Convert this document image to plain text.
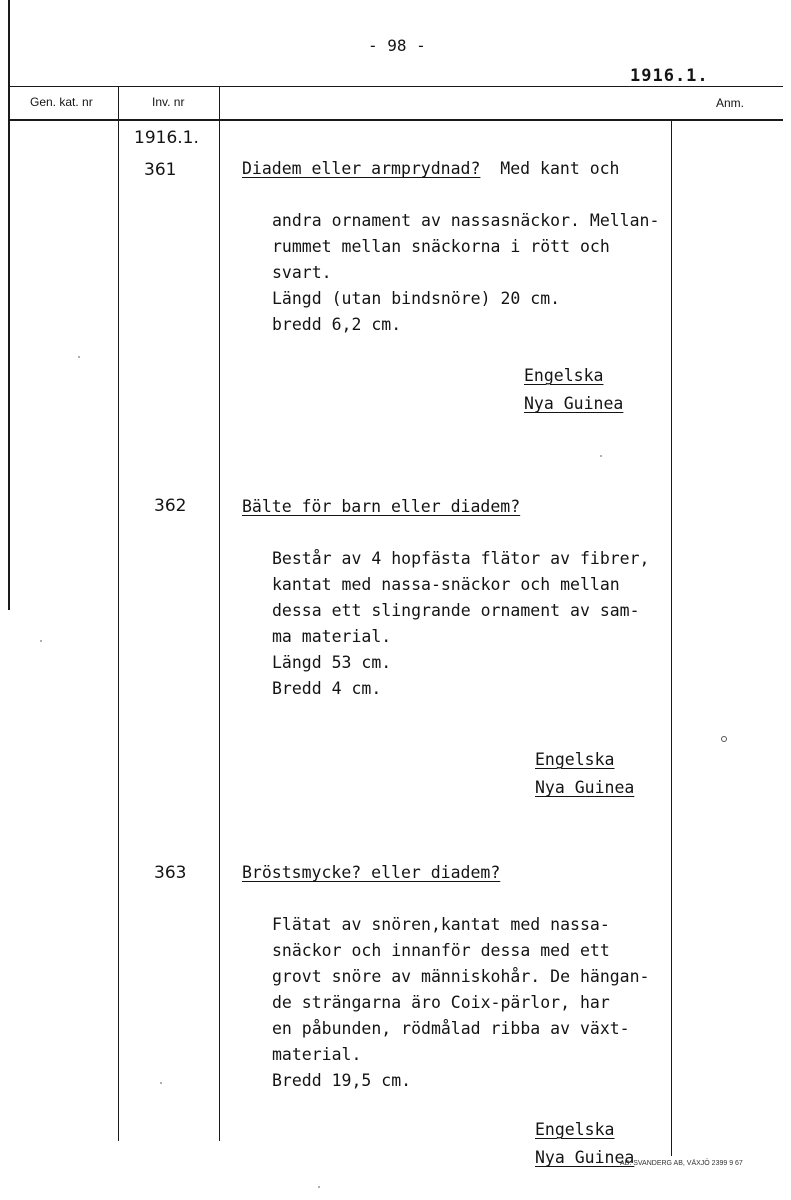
- 98 -
1916.1.
Gen. kat. nr	Inv. nr	Anm.
1916.1.
361	Diadem eller armprydnad?  Med kant och

andra ornament av nassasnäckor. Mellan-
rummet mellan snäckorna i rött och
svart.
Längd (utan bindsnöre) 20 cm.
bredd 6,2 cm.

Engelska
Nya Guinea
362	Bälte för barn eller diadem?

Består av 4 hopfästa flätor av fibrer,
kantat med nassa-snäckor och mellan
dessa ett slingrande ornament av sam-
ma material.
Längd 53 cm.
Bredd 4 cm.

Engelska
Nya Guinea
363	Bröstsmycke? eller diadem?

Flätat av snören,kantat med nassa-
snäckor och innanför dessa med ett
grovt snöre av människohår. De hängan-
de strängarna äro Coix-pärlor, har
en påbunden, rödmålad ribba av växt-
material.
Bredd 19,5 cm.

Engelska
Nya Guinea
AB. SVANDERG AB, VÄXJÖ 2399 9 67
